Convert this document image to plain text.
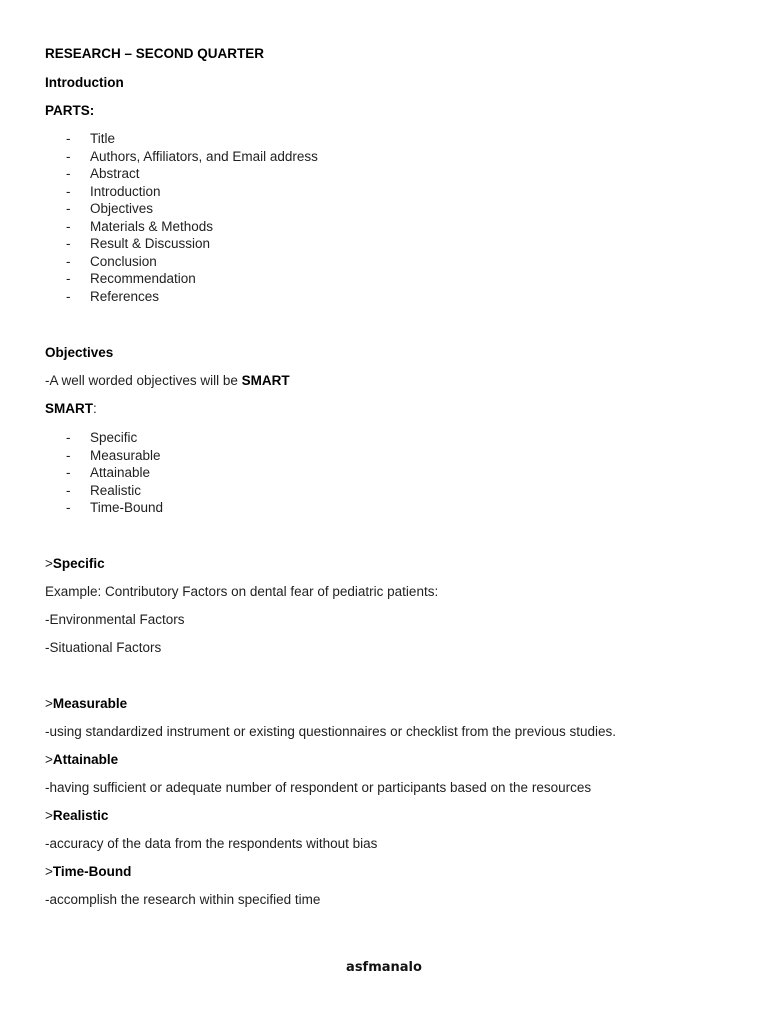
RESEARCH – SECOND QUARTER
Introduction
PARTS:
- Title
- Authors, Affiliators, and Email address
- Abstract
- Introduction
- Objectives
- Materials & Methods
- Result & Discussion
- Conclusion
- Recommendation
- References
Objectives
-A well worded objectives will be SMART
SMART:
- Specific
- Measurable
- Attainable
- Realistic
- Time-Bound
>Specific
Example: Contributory Factors on dental fear of pediatric patients:
-Environmental Factors
-Situational Factors
>Measurable
-using standardized instrument or existing questionnaires or checklist from the previous studies.
>Attainable
-having sufficient or adequate number of respondent or participants based on the resources
>Realistic
-accuracy of the data from the respondents without bias
>Time-Bound
-accomplish the research within specified time
asfmanalo
